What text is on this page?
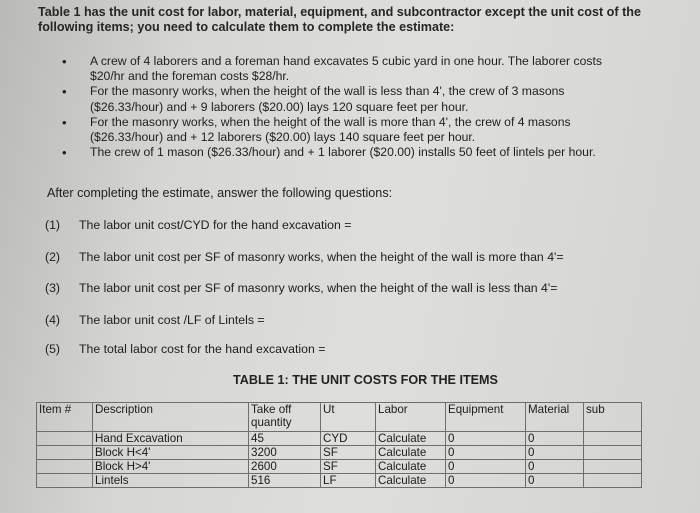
Table 1 has the unit cost for labor, material, equipment, and subcontractor except the unit cost of the
following items; you need to calculate them to complete the estimate:
• A crew of 4 laborers and a foreman hand excavates 5 cubic yard in one hour. The laborer costs
$20/hr and the foreman costs $28/hr.
• For the masonry works, when the height of the wall is less than 4', the crew of 3 masons
($26.33/hour) and + 9 laborers ($20.00) lays 120 square feet per hour.
• For the masonry works, when the height of the wall is more than 4', the crew of 4 masons
($26.33/hour) and + 12 laborers ($20.00) lays 140 square feet per hour.
• The crew of 1 mason ($26.33/hour) and + 1 laborer ($20.00) installs 50 feet of lintels per hour.
After completing the estimate, answer the following questions:
(1) The labor unit cost/CYD for the hand excavation =
(2) The labor unit cost per SF of masonry works, when the height of the wall is more than 4'=
(3) The labor unit cost per SF of masonry works, when the height of the wall is less than 4'=
(4) The labor unit cost /LF of Lintels =
(5) The total labor cost for the hand excavation =
TABLE 1: THE UNIT COSTS FOR THE ITEMS
Item #	Description	Take off
quantity	Ut	Labor	Equipment	Material	sub
	Hand Excavation	45	CYD	Calculate	0	0	
	Block H<4'	3200	SF	Calculate	0	0	
	Block H>4'	2600	SF	Calculate	0	0	
	Lintels	516	LF	Calculate	0	0	
